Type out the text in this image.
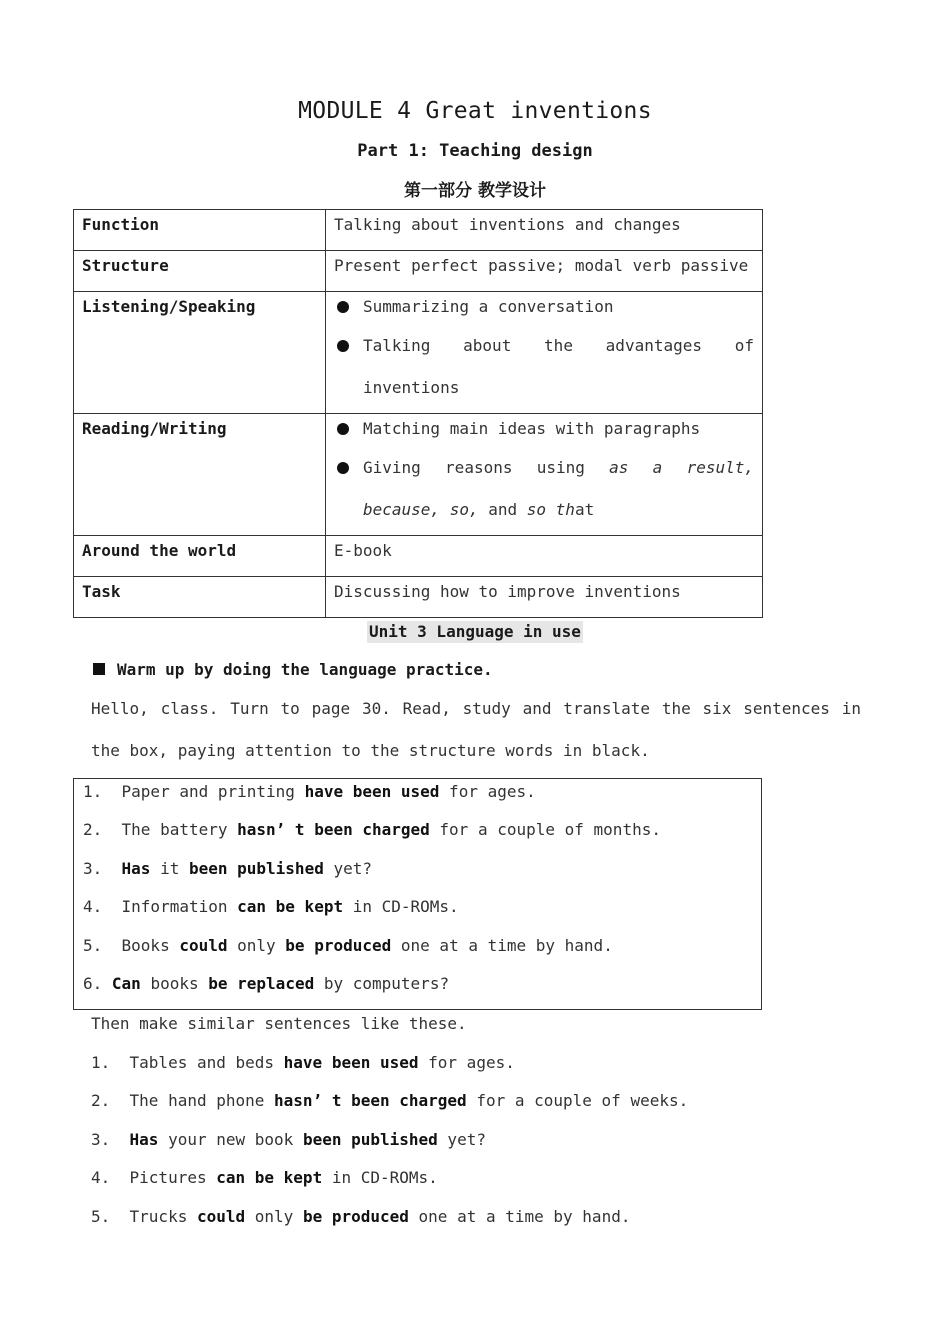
MODULE 4 Great inventions
Part 1: Teaching design
第一部分 教学设计
Function	Talking about inventions and changes
Structure	Present perfect passive; modal verb passive
Listening/Speaking	Summarizing a conversation
Talking about the advantages of
inventions

Reading/Writing	Matching main ideas with paragraphs
Giving reasons using as a result,
because, so, and so that

Around the world	E-book
Task	Discussing how to improve inventions
Unit 3 Language in use
Warm up by doing the language practice.
Hello, class. Turn to page 30. Read, study and translate the six sentences in
the box, paying attention to the structure words in black.
1. Paper and printing have been used for ages.
2. The battery hasn’ t been charged for a couple of months.
3. Has it been published yet?
4. Information can be kept in CD-ROMs.
5. Books could only be produced one at a time by hand.
6. Can books be replaced by computers?
Then make similar sentences like these.
1. Tables and beds have been used for ages.
2. The hand phone hasn’ t been charged for a couple of weeks.
3. Has your new book been published yet?
4. Pictures can be kept in CD-ROMs.
5. Trucks could only be produced one at a time by hand.
